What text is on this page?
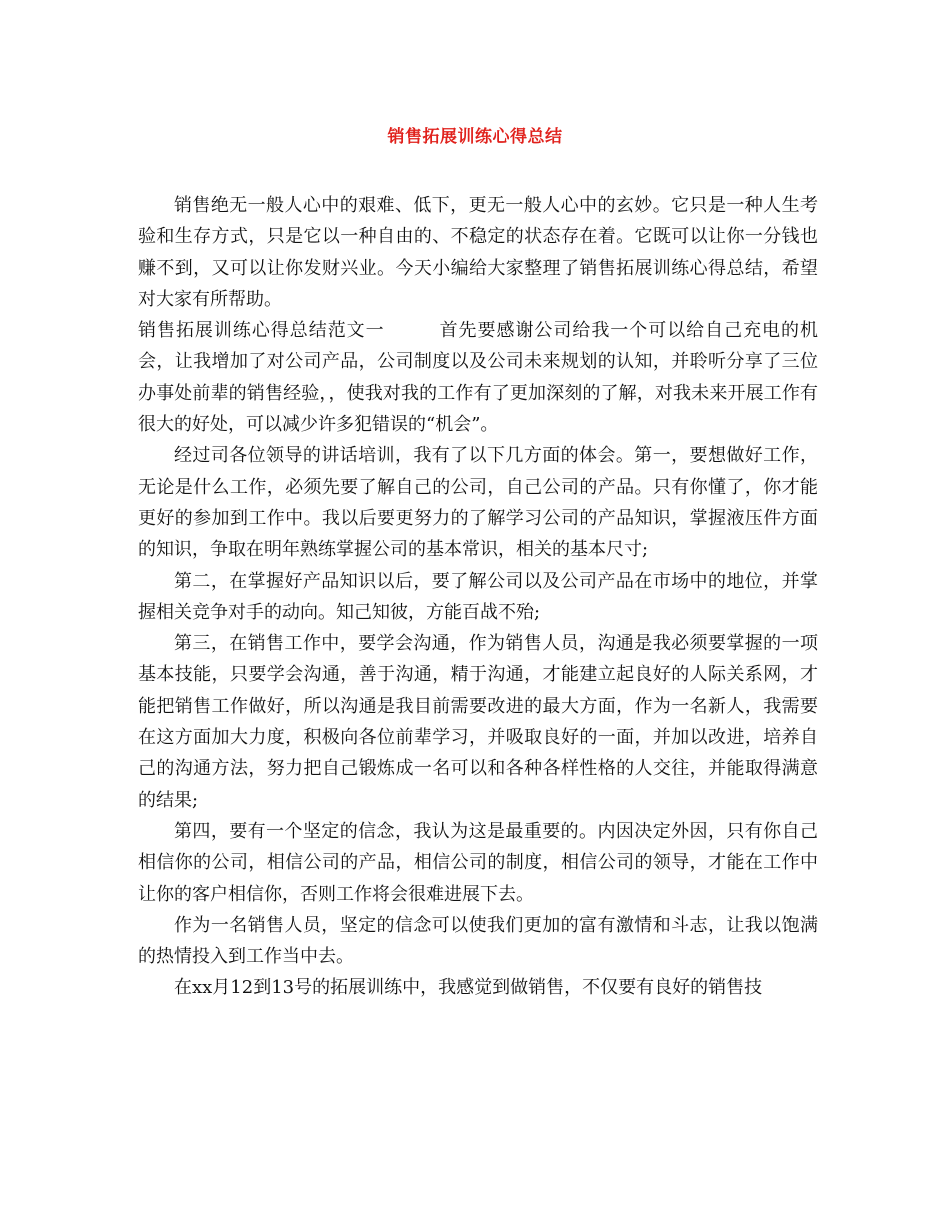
销售拓展训练心得总结

销售绝无一般人心中的艰难、低下，更无一般人心中的玄妙。它只是一种人生考验和生存方式，只是它以一种自由的、不稳定的状态存在着。它既可以让你一分钱也赚不到，又可以让你发财兴业。今天小编给大家整理了销售拓展训练心得总结，希望对大家有所帮助。

销售拓展训练心得总结范文一	首先要感谢公司给我一个可以给自己充电的机会，让我增加了对公司产品，公司制度以及公司未来规划的认知，并聆听分享了三位办事处前辈的销售经验，，使我对我的工作有了更加深刻的了解，对我未来开展工作有很大的好处，可以减少许多犯错误的“机会”。

经过司各位领导的讲话培训，我有了以下几方面的体会。第一，要想做好工作，无论是什么工作，必须先要了解自己的公司，自己公司的产品。只有你懂了，你才能更好的参加到工作中。我以后要更努力的了解学习公司的产品知识，掌握液压件方面的知识，争取在明年熟练掌握公司的基本常识，相关的基本尺寸;

第二，在掌握好产品知识以后，要了解公司以及公司产品在市场中的地位，并掌握相关竞争对手的动向。知己知彼，方能百战不殆;

第三，在销售工作中，要学会沟通，作为销售人员，沟通是我必须要掌握的一项基本技能，只要学会沟通，善于沟通，精于沟通，才能建立起良好的人际关系网，才能把销售工作做好，所以沟通是我目前需要改进的最大方面，作为一名新人，我需要在这方面加大力度，积极向各位前辈学习，并吸取良好的一面，并加以改进，培养自己的沟通方法，努力把自己锻炼成一名可以和各种各样性格的人交往，并能取得满意的结果;

第四，要有一个坚定的信念，我认为这是最重要的。内因决定外因，只有你自己相信你的公司，相信公司的产品，相信公司的制度，相信公司的领导，才能在工作中让你的客户相信你，否则工作将会很难进展下去。

作为一名销售人员，坚定的信念可以使我们更加的富有激情和斗志，让我以饱满的热情投入到工作当中去。

在xx月12到13号的拓展训练中，我感觉到做销售，不仅要有良好的销售技
